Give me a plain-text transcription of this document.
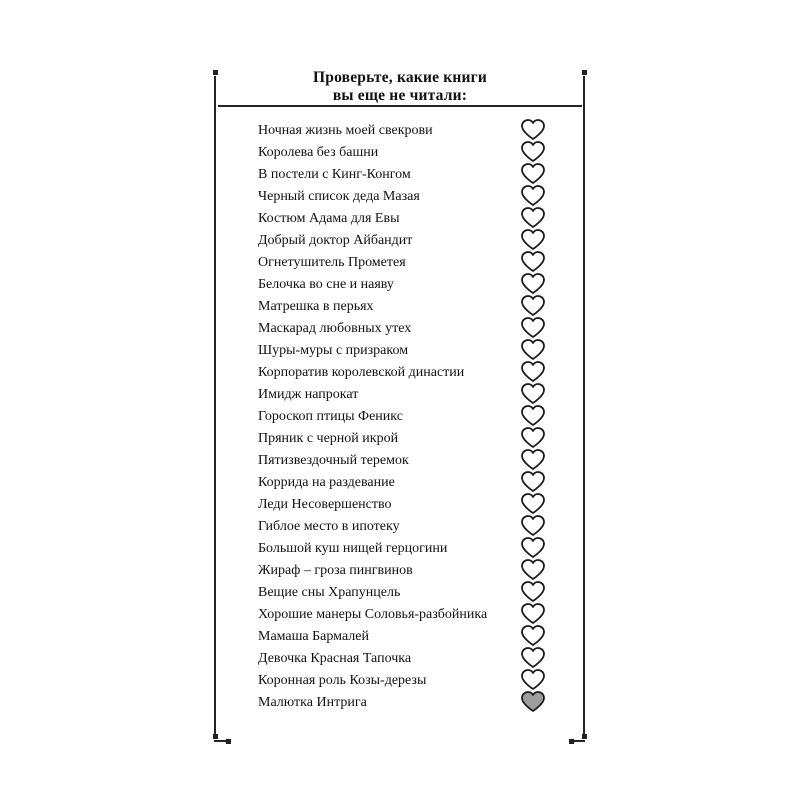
Проверьте, какие книги
вы еще не читали:
Ночная жизнь моей свекрови
Королева без башни
В постели с Кинг-Конгом
Черный список деда Мазая
Костюм Адама для Евы
Добрый доктор Айбандит
Огнетушитель Прометея
Белочка во сне и наяву
Матрешка в перьях
Маскарад любовных утех
Шуры-муры с призраком
Корпоратив королевской династии
Имидж напрокат
Гороскоп птицы Феникс
Пряник с черной икрой
Пятизвездочный теремок
Коррида на раздевание
Леди Несовершенство
Гиблое место в ипотеку
Большой куш нищей герцогини
Жираф – гроза пингвинов
Вещие сны Храпунцель
Хорошие манеры Соловья-разбойника
Мамаша Бармалей
Девочка Красная Тапочка
Коронная роль Козы-дерезы
Малютка Интрига
